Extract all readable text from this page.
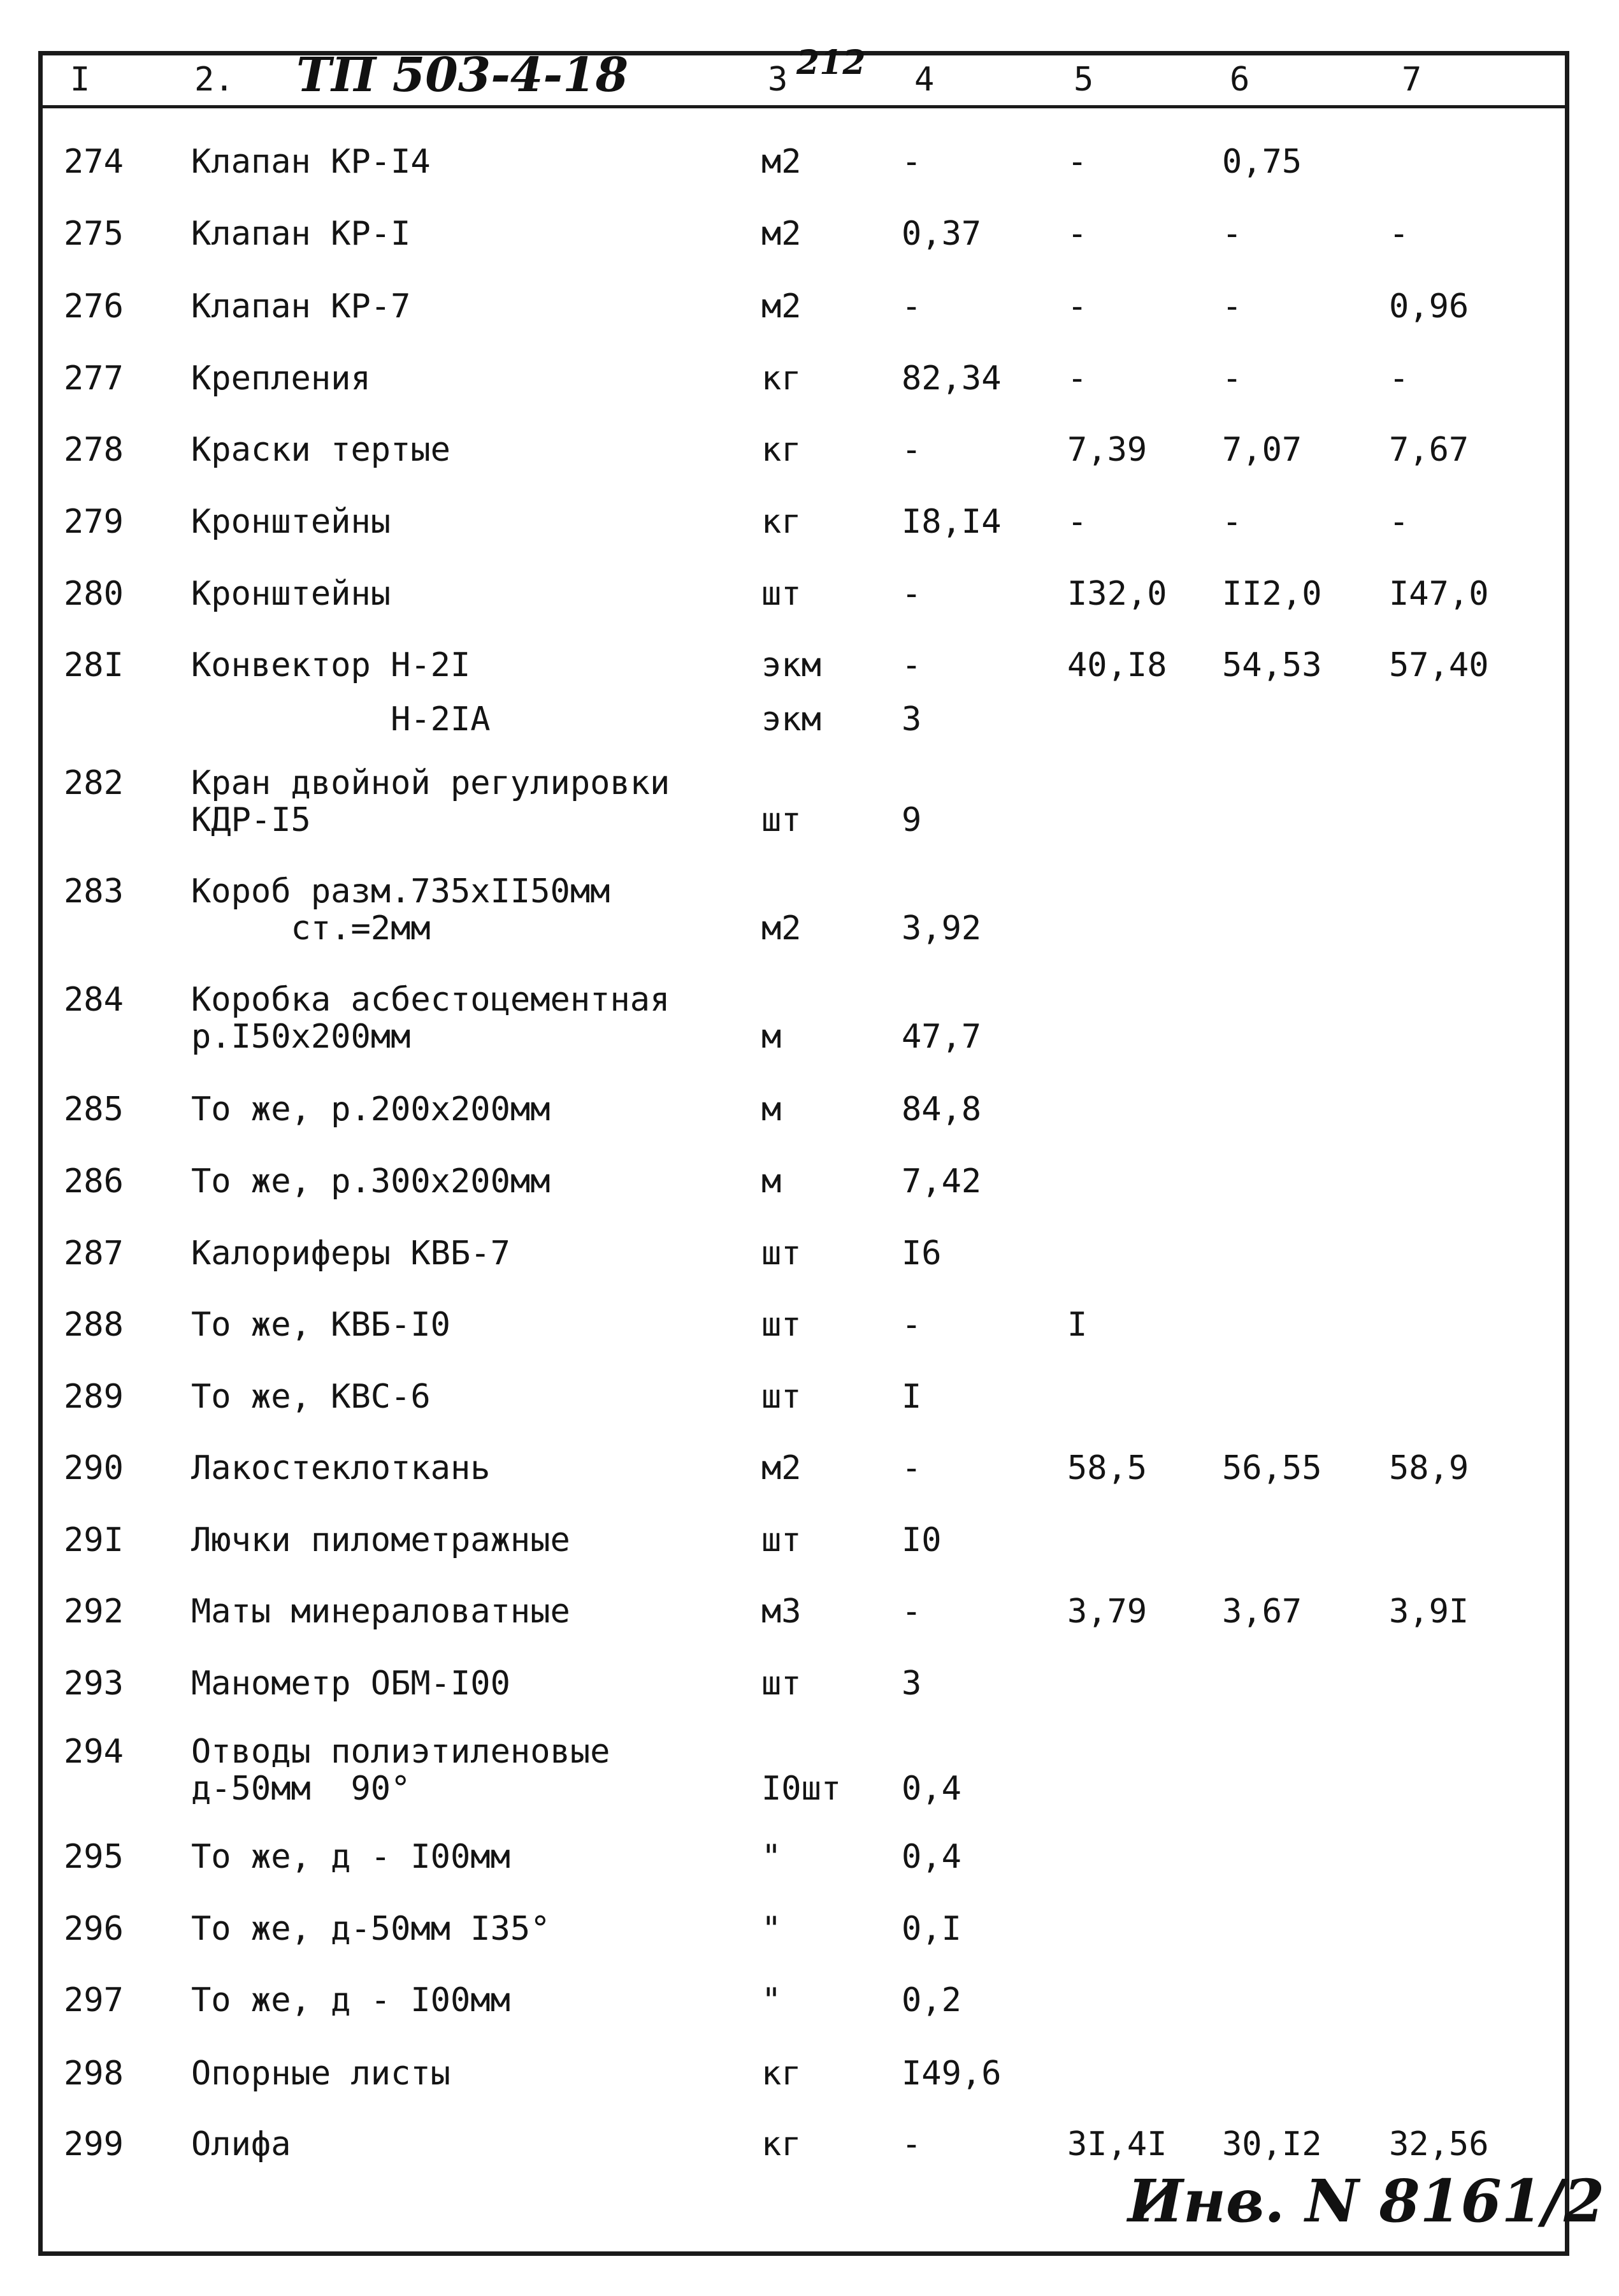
ТП 503-4-18	212
I	2.	3	4	5	6	7
274	Клапан КР-I4	м2	-	-	0,75
275	Клапан КР-I	м2	0,37	-	-	-
276	Клапан КР-7	м2	-	-	-	0,96
277	Крепления	кг	82,34	-	-	-
278	Краски тертые	кг	-	7,39	7,07	7,67
279	Кронштейны	кг	I8,I4	-	-	-
280	Кронштейны	шт	-	I32,0	II2,0	I47,0
28I	Конвектор Н-2I	экм	-	40,I8	54,53	57,40
Н-2IА	экм	3
282	Кран двойной регулировки
КДР-I5	шт	9
283	Короб разм.735хII50мм
ст.=2мм	м2	3,92
284	Коробка асбестоцементная
р.I50х200мм	м	47,7
285	То же, р.200х200мм	м	84,8
286	То же, р.300х200мм	м	7,42
287	Калориферы КВБ-7	шт	I6
288	То же, КВБ-I0	шт	-	I
289	То же, КВС-6	шт	I
290	Лакостеклоткань	м2	-	58,5	56,55	58,9
29I	Лючки пилометражные	шт	I0
292	Маты минераловатные	м3	-	3,79	3,67	3,9I
293	Манометр ОБМ-I00	шт	3
294	Отводы полиэтиленовые
д-50мм  90°	I0шт	0,4
295	То же, д - I00мм	"	0,4
296	То же, д-50мм I35°	"	0,I
297	То же, д - I00мм	"	0,2
298	Опорные листы	кг	I49,6
299	Олифа	кг	-	3I,4I	30,I2	32,56
Инв. N 8161/2
